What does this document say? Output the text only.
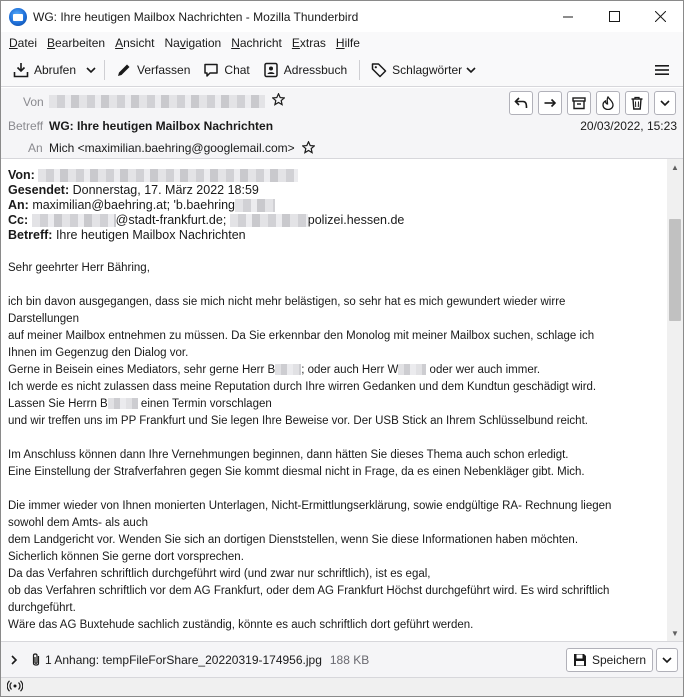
WG: Ihre heutigen Mailbox Nachrichten - Mozilla Thunderbird
Datei Bearbeiten Ansicht Navigation Nachricht Extras Hilfe
Abrufen	Verfassen	Chat	Adressbuch	Schlagwörter
Von

Betreff WG: Ihre heutigen Mailbox Nachrichten	20/03/2022, 15:23
An Mich <maximilian.baehring@googlemail.com>
Von:
Gesendet: Donnerstag, 17. März 2022 18:59
An: maximilian@baehring.at; 'b.baehring
Cc:	@stadt-frankfurt.de;	polizei.hessen.de
Betreff: Ihre heutigen Mailbox Nachrichten

Sehr geehrter Herr Bähring,

ich bin davon ausgegangen, dass sie mich nicht mehr belästigen, so sehr hat es mich gewundert wieder wirre

Darstellungen

auf meiner Mailbox entnehmen zu müssen. Da Sie erkennbar den Monolog mit meiner Mailbox suchen, schlage ich

Ihnen im Gegenzug den Dialog vor.

Gerne in Beisein eines Mediators, sehr gerne Herr B ; oder auch Herr W	oder wer auch immer.

Ich werde es nicht zulassen dass meine Reputation durch Ihre wirren Gedanken und dem Kundtun geschädigt wird.

Lassen Sie Herrn B	einen Termin vorschlagen

und wir treffen uns im PP Frankfurt und Sie legen Ihre Beweise vor. Der USB Stick an Ihrem Schlüsselbund reicht.

Im Anschluss können dann Ihre Vernehmungen beginnen, dann hätten Sie dieses Thema auch schon erledigt.

Eine Einstellung der Strafverfahren gegen Sie kommt diesmal nicht in Frage, da es einen Nebenkläger gibt. Mich.

Die immer wieder von Ihnen monierten Unterlagen, Nicht-Ermittlungserklärung, sowie endgültige RA- Rechnung liegen

sowohl dem Amts- als auch

dem Landgericht vor. Wenden Sie sich an dortigen Dienststellen, wenn Sie diese Informationen haben möchten.

Sicherlich können Sie gerne dort vorsprechen.

Da das Verfahren schriftlich durchgeführt wird (und zwar nur schriftlich), ist es egal,

ob das Verfahren schriftlich vor dem AG Frankfurt, oder dem AG Frankfurt Höchst durchgeführt wird. Es wird schriftlich

durchgeführt.

Wäre das AG Buxtehude sachlich zuständig, könnte es auch schriftlich dort geführt werden.

▲
▼
1 Anhang: tempFileForShare_20220319-174956.jpg 188 KB	Speichern
